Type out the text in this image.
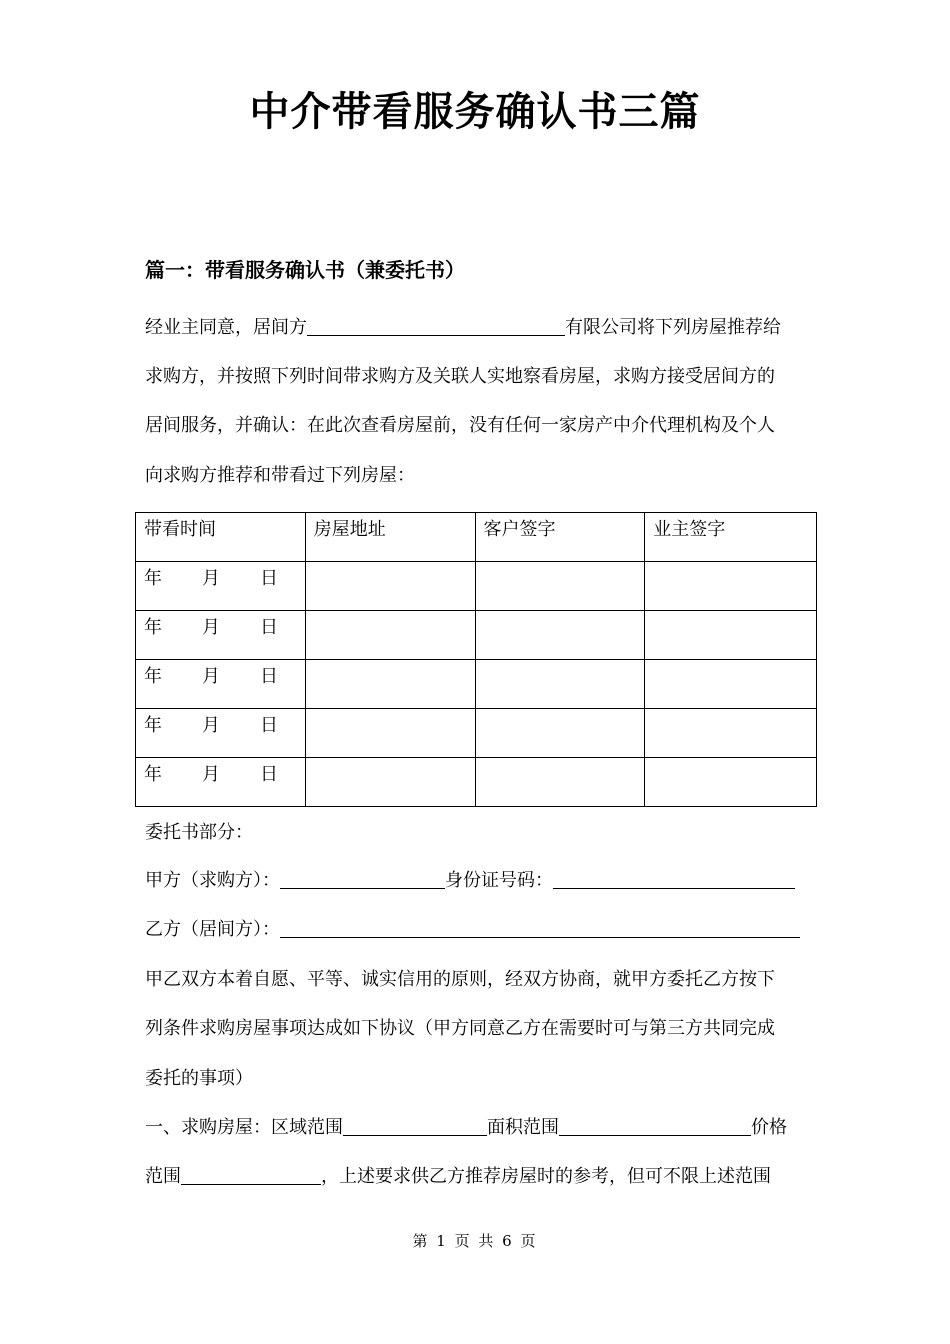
中介带看服务确认书三篇
篇一：带看服务确认书（兼委托书）
经业主同意，居间方	有限公司将下列房屋推荐给
求购方，并按照下列时间带求购方及关联人实地察看房屋，求购方接受居间方的
居间服务，并确认：在此次查看房屋前，没有任何一家房产中介代理机构及个人
向求购方推荐和带看过下列房屋：
带看时间	房屋地址	客户签字	业主签字
年 月 日			
年 月 日			
年 月 日			
年 月 日			
年 月 日			
委托书部分：
甲方（求购方）：	身份证号码：
乙方（居间方）：
甲乙双方本着自愿、平等、诚实信用的原则，经双方协商，就甲方委托乙方按下
列条件求购房屋事项达成如下协议（甲方同意乙方在需要时可与第三方共同完成
委托的事项）
一、求购房屋：区域范围	面积范围	价格
范围	，上述要求供乙方推荐房屋时的参考，但可不限上述范围
第 1 页 共 6 页
